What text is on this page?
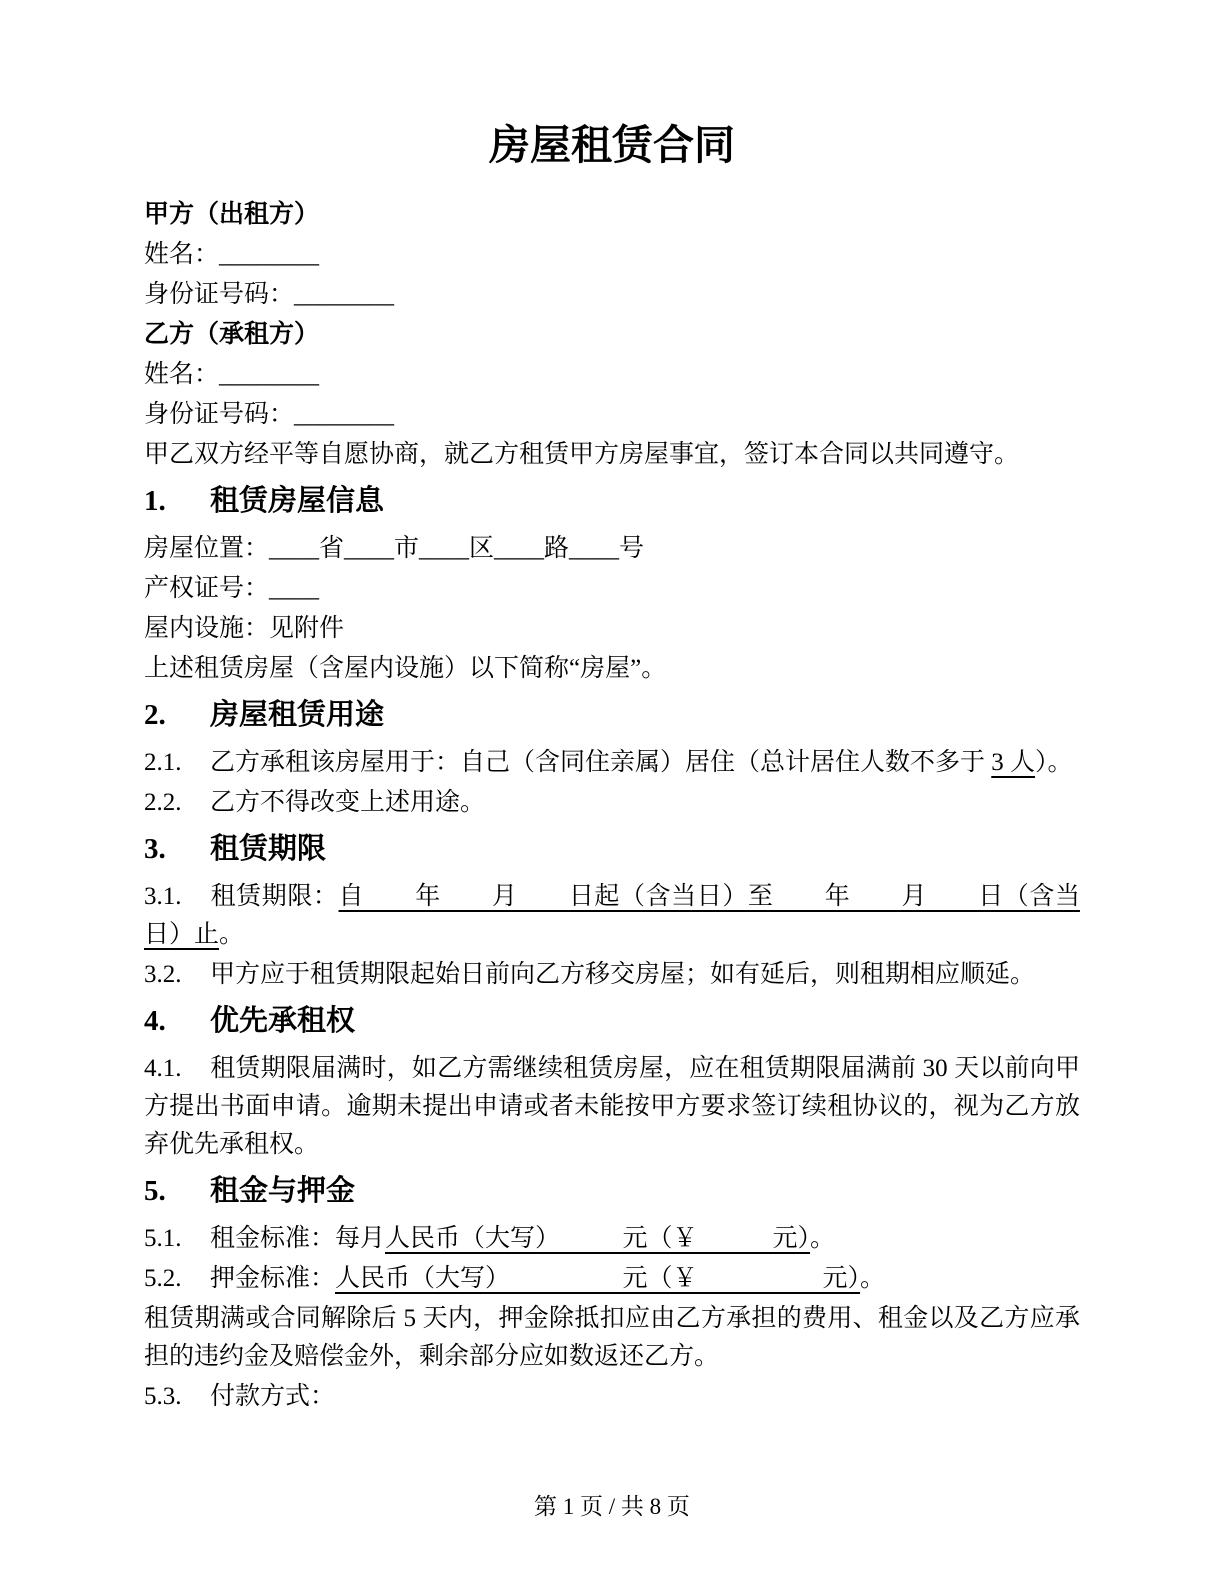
房屋租赁合同

甲方（出租方）

姓名：________

身份证号码：________

乙方（承租方）

姓名：________

身份证号码：________

甲乙双方经平等自愿协商，就乙方租赁甲方房屋事宜，签订本合同以共同遵守。

1. 租赁房屋信息

房屋位置：____省____市____区____路____号

产权证号：____

屋内设施：见附件

上述租赁房屋（含屋内设施）以下简称“房屋”。

2. 房屋租赁用途

2.1. 乙方承租该房屋用于：自己（含同住亲属）居住（总计居住人数不多于 3 人）。

2.2. 乙方不得改变上述用途。

3. 租赁期限

3.1. 租赁期限：自　　年　　月　　日起（含当日）至　　年　　月　　日（含当日）止。

3.2. 甲方应于租赁期限起始日前向乙方移交房屋；如有延后，则租期相应顺延。

4. 优先承租权

4.1. 租赁期限届满时，如乙方需继续租赁房屋，应在租赁期限届满前 30 天以前向甲方提出书面申请。逾期未提出申请或者未能按甲方要求签订续租协议的，视为乙方放弃优先承租权。

5. 租金与押金

5.1. 租金标准：每月人民币（大写）　　　元（￥　　　元）。

5.2. 押金标准：人民币（大写）　　　　　元（￥　　　　　元）。

租赁期满或合同解除后 5 天内，押金除抵扣应由乙方承担的费用、租金以及乙方应承担的违约金及赔偿金外，剩余部分应如数返还乙方。

5.3. 付款方式：

第 1 页 / 共 8 页
